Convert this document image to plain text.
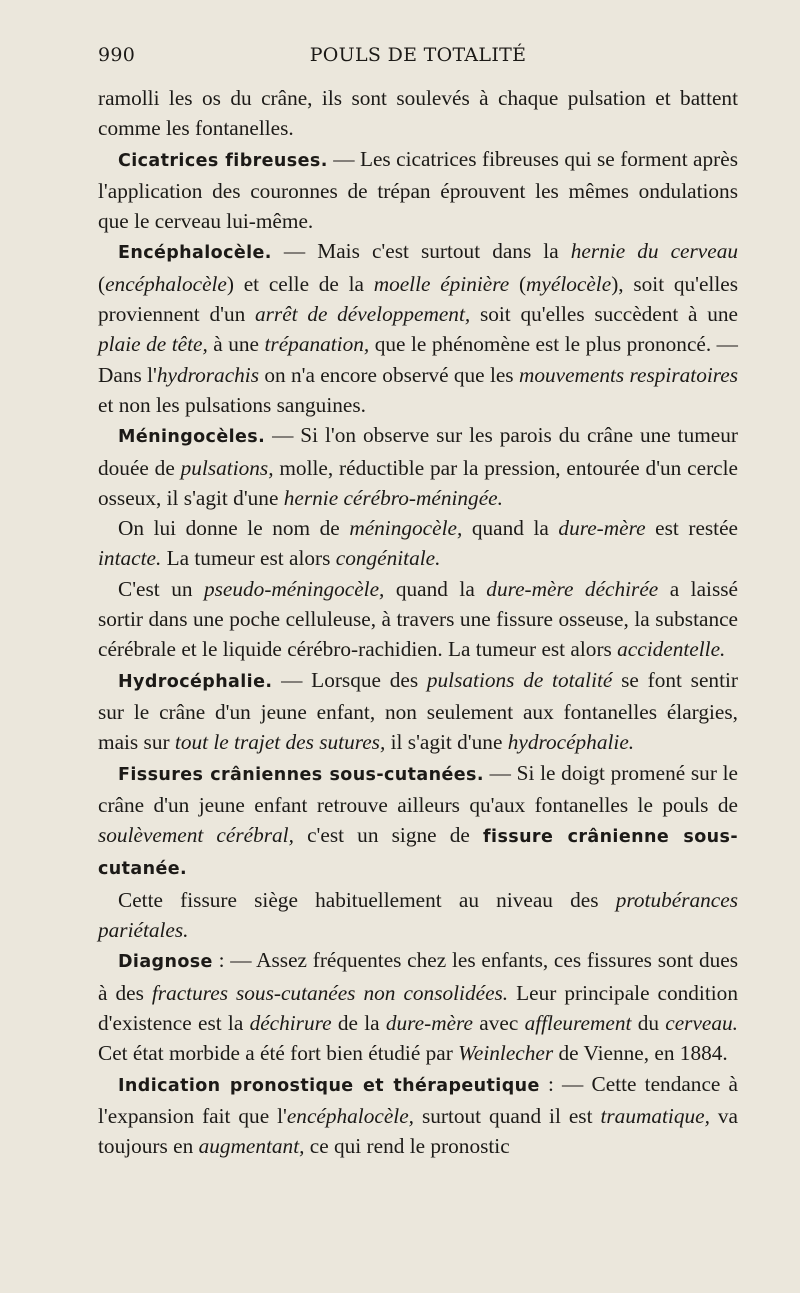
990	POULS DE TOTALITÉ

ramolli les os du crâne, ils sont soulevés à chaque pulsation et battent comme les fontanelles.

Cicatrices fibreuses. — Les cicatrices fibreuses qui se forment après l'application des couronnes de trépan éprouvent les mêmes ondulations que le cerveau lui-même.

Encéphalocèle. — Mais c'est surtout dans la hernie du cerveau (encéphalocèle) et celle de la moelle épinière (myélocèle), soit qu'elles proviennent d'un arrêt de développement, soit qu'elles succèdent à une plaie de tête, à une trépanation, que le phénomène est le plus prononcé. — Dans l'hydrorachis on n'a encore observé que les mouvements respiratoires et non les pulsations sanguines.

Méningocèles. — Si l'on observe sur les parois du crâne une tumeur douée de pulsations, molle, réductible par la pression, entourée d'un cercle osseux, il s'agit d'une hernie cérébro-méningée.

On lui donne le nom de méningocèle, quand la dure-mère est restée intacte. La tumeur est alors congénitale.

C'est un pseudo-méningocèle, quand la dure-mère déchirée a laissé sortir dans une poche celluleuse, à travers une fissure osseuse, la substance cérébrale et le liquide cérébro-rachidien. La tumeur est alors accidentelle.

Hydrocéphalie. — Lorsque des pulsations de totalité se font sentir sur le crâne d'un jeune enfant, non seulement aux fontanelles élargies, mais sur tout le trajet des sutures, il s'agit d'une hydrocéphalie.

Fissures crâniennes sous-cutanées. — Si le doigt promené sur le crâne d'un jeune enfant retrouve ailleurs qu'aux fontanelles le pouls de soulèvement cérébral, c'est un signe de fissure crânienne sous-cutanée.

Cette fissure siège habituellement au niveau des protubérances pariétales.

Diagnose : — Assez fréquentes chez les enfants, ces fissures sont dues à des fractures sous-cutanées non consolidées. Leur principale condition d'existence est la déchirure de la dure-mère avec affleurement du cerveau. Cet état morbide a été fort bien étudié par Weinlecher de Vienne, en 1884.

Indication pronostique et thérapeutique : — Cette tendance à l'expansion fait que l'encéphalocèle, surtout quand il est traumatique, va toujours en augmentant, ce qui rend le pronostic
